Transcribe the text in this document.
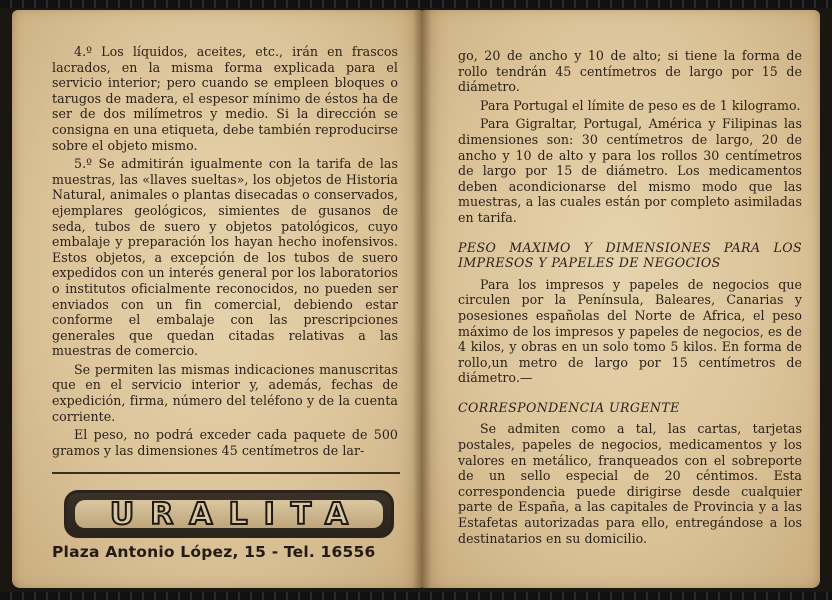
4.º Los líquidos, aceites, etc., irán en frascos lacrados, en la misma forma explicada para el servicio interior; pero cuando se empleen bloques o tarugos de madera, el espesor mínimo de éstos ha de ser de dos milímetros y medio. Si la dirección se consigna en una etiqueta, debe también reproducirse sobre el objeto mismo.

5.º Se admitirán igualmente con la tarifa de las muestras, las «llaves sueltas», los objetos de Historia Natural, animales o plantas disecadas o conservados, ejemplares geológicos, simientes de gusanos de seda, tubos de suero y objetos patológicos, cuyo embalaje y preparación los hayan hecho inofensivos. Estos objetos, a excepción de los tubos de suero expedidos con un interés general por los laboratorios o institutos oficialmente reconocidos, no pueden ser enviados con un fin comercial, debiendo estar conforme el embalaje con las prescripciones generales que quedan citadas relativas a las muestras de comercio.

Se permiten las mismas indicaciones manuscritas que en el servicio interior y, además, fechas de expedición, firma, número del teléfono y de la cuenta corriente.

El peso, no podrá exceder cada paquete de 500 gramos y las dimensiones 45 centímetros de lar-

URALITA
Plaza Antonio López, 15 - Tel. 16556

go, 20 de ancho y 10 de alto; si tiene la forma de rollo tendrán 45 centímetros de largo por 15 de diámetro.

Para Portugal el límite de peso es de 1 kilogramo.

Para Gigraltar, Portugal, América y Filipinas las dimensiones son: 30 centímetros de largo, 20 de ancho y 10 de alto y para los rollos 30 centímetros de largo por 15 de diámetro. Los medicamentos deben acondicionarse del mismo modo que las muestras, a las cuales están por completo asimiladas en tarifa.

PESO MAXIMO Y DIMENSIONES PARA LOS IMPRESOS Y PAPELES DE NEGOCIOS

Para los impresos y papeles de negocios que circulen por la Península, Baleares, Canarias y posesiones españolas del Norte de Africa, el peso máximo de los impresos y papeles de negocios, es de 4 kilos, y obras en un solo tomo 5 kilos. En forma de rollo,un metro de largo por 15 centímetros de diámetro.—

CORRESPONDENCIA URGENTE

Se admiten como a tal, las cartas, tarjetas postales, papeles de negocios, medicamentos y los valores en metálico, franqueados con el sobreporte de un sello especial de 20 céntimos. Esta correspondencia puede dirigirse desde cualquier parte de España, a las capitales de Provincia y a las Estafetas autorizadas para ello, entregándose a los destinatarios en su domicilio.
